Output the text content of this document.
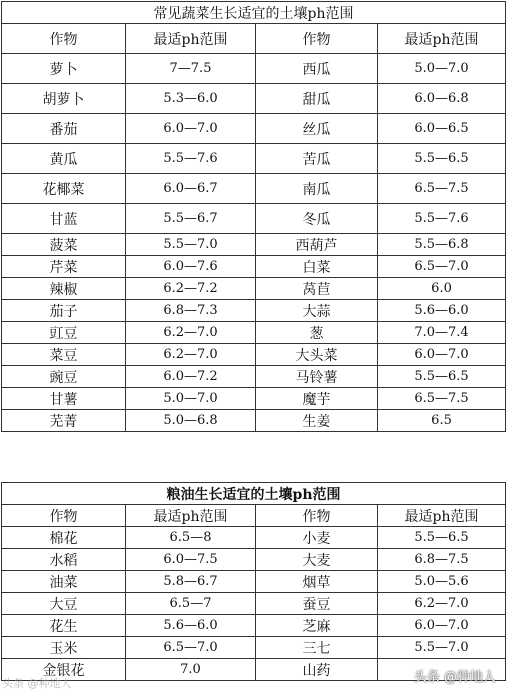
常见蔬菜生长适宜的土壤ph范围			
作物	最适ph范围	作物	最适ph范围
萝卜	7—7.5	西瓜	5.0—7.0
胡萝卜	5.3—6.0	甜瓜	6.0—6.8
番茄	6.0—7.0	丝瓜	6.0—6.5
黄瓜	5.5—7.6	苦瓜	5.5—6.5
花椰菜	6.0—6.7	南瓜	6.5—7.5
甘蓝	5.5—6.7	冬瓜	5.5—7.6
菠菜	5.5—7.0	西葫芦	5.5—6.8
芹菜	6.0—7.6	白菜	6.5—7.0
辣椒	6.2—7.2	莴苣	6.0
茄子	6.8—7.3	大蒜	5.6—6.0
豇豆	6.2—7.0	葱	7.0—7.4
菜豆	6.2—7.0	大头菜	6.0—7.0
豌豆	6.0—7.2	马铃薯	5.5—6.5
甘薯	5.0—7.0	魔芋	6.5—7.5
芜菁	5.0—6.8	生姜	6.5
粮油生长适宜的土壤ph范围			
作物	最适ph范围	作物	最适ph范围
棉花	6.5—8	小麦	5.5—6.5
水稻	6.0—7.5	大麦	6.8—7.5
油菜	5.8—6.7	烟草	5.0—5.6
大豆	6.5—7	蚕豆	6.2—7.0
花生	5.6—6.0	芝麻	6.0—7.0
玉米	6.5—7.0	三七	5.5—7.0
金银花	7.0	山药	
头条 @种地人	头条 @种地人
